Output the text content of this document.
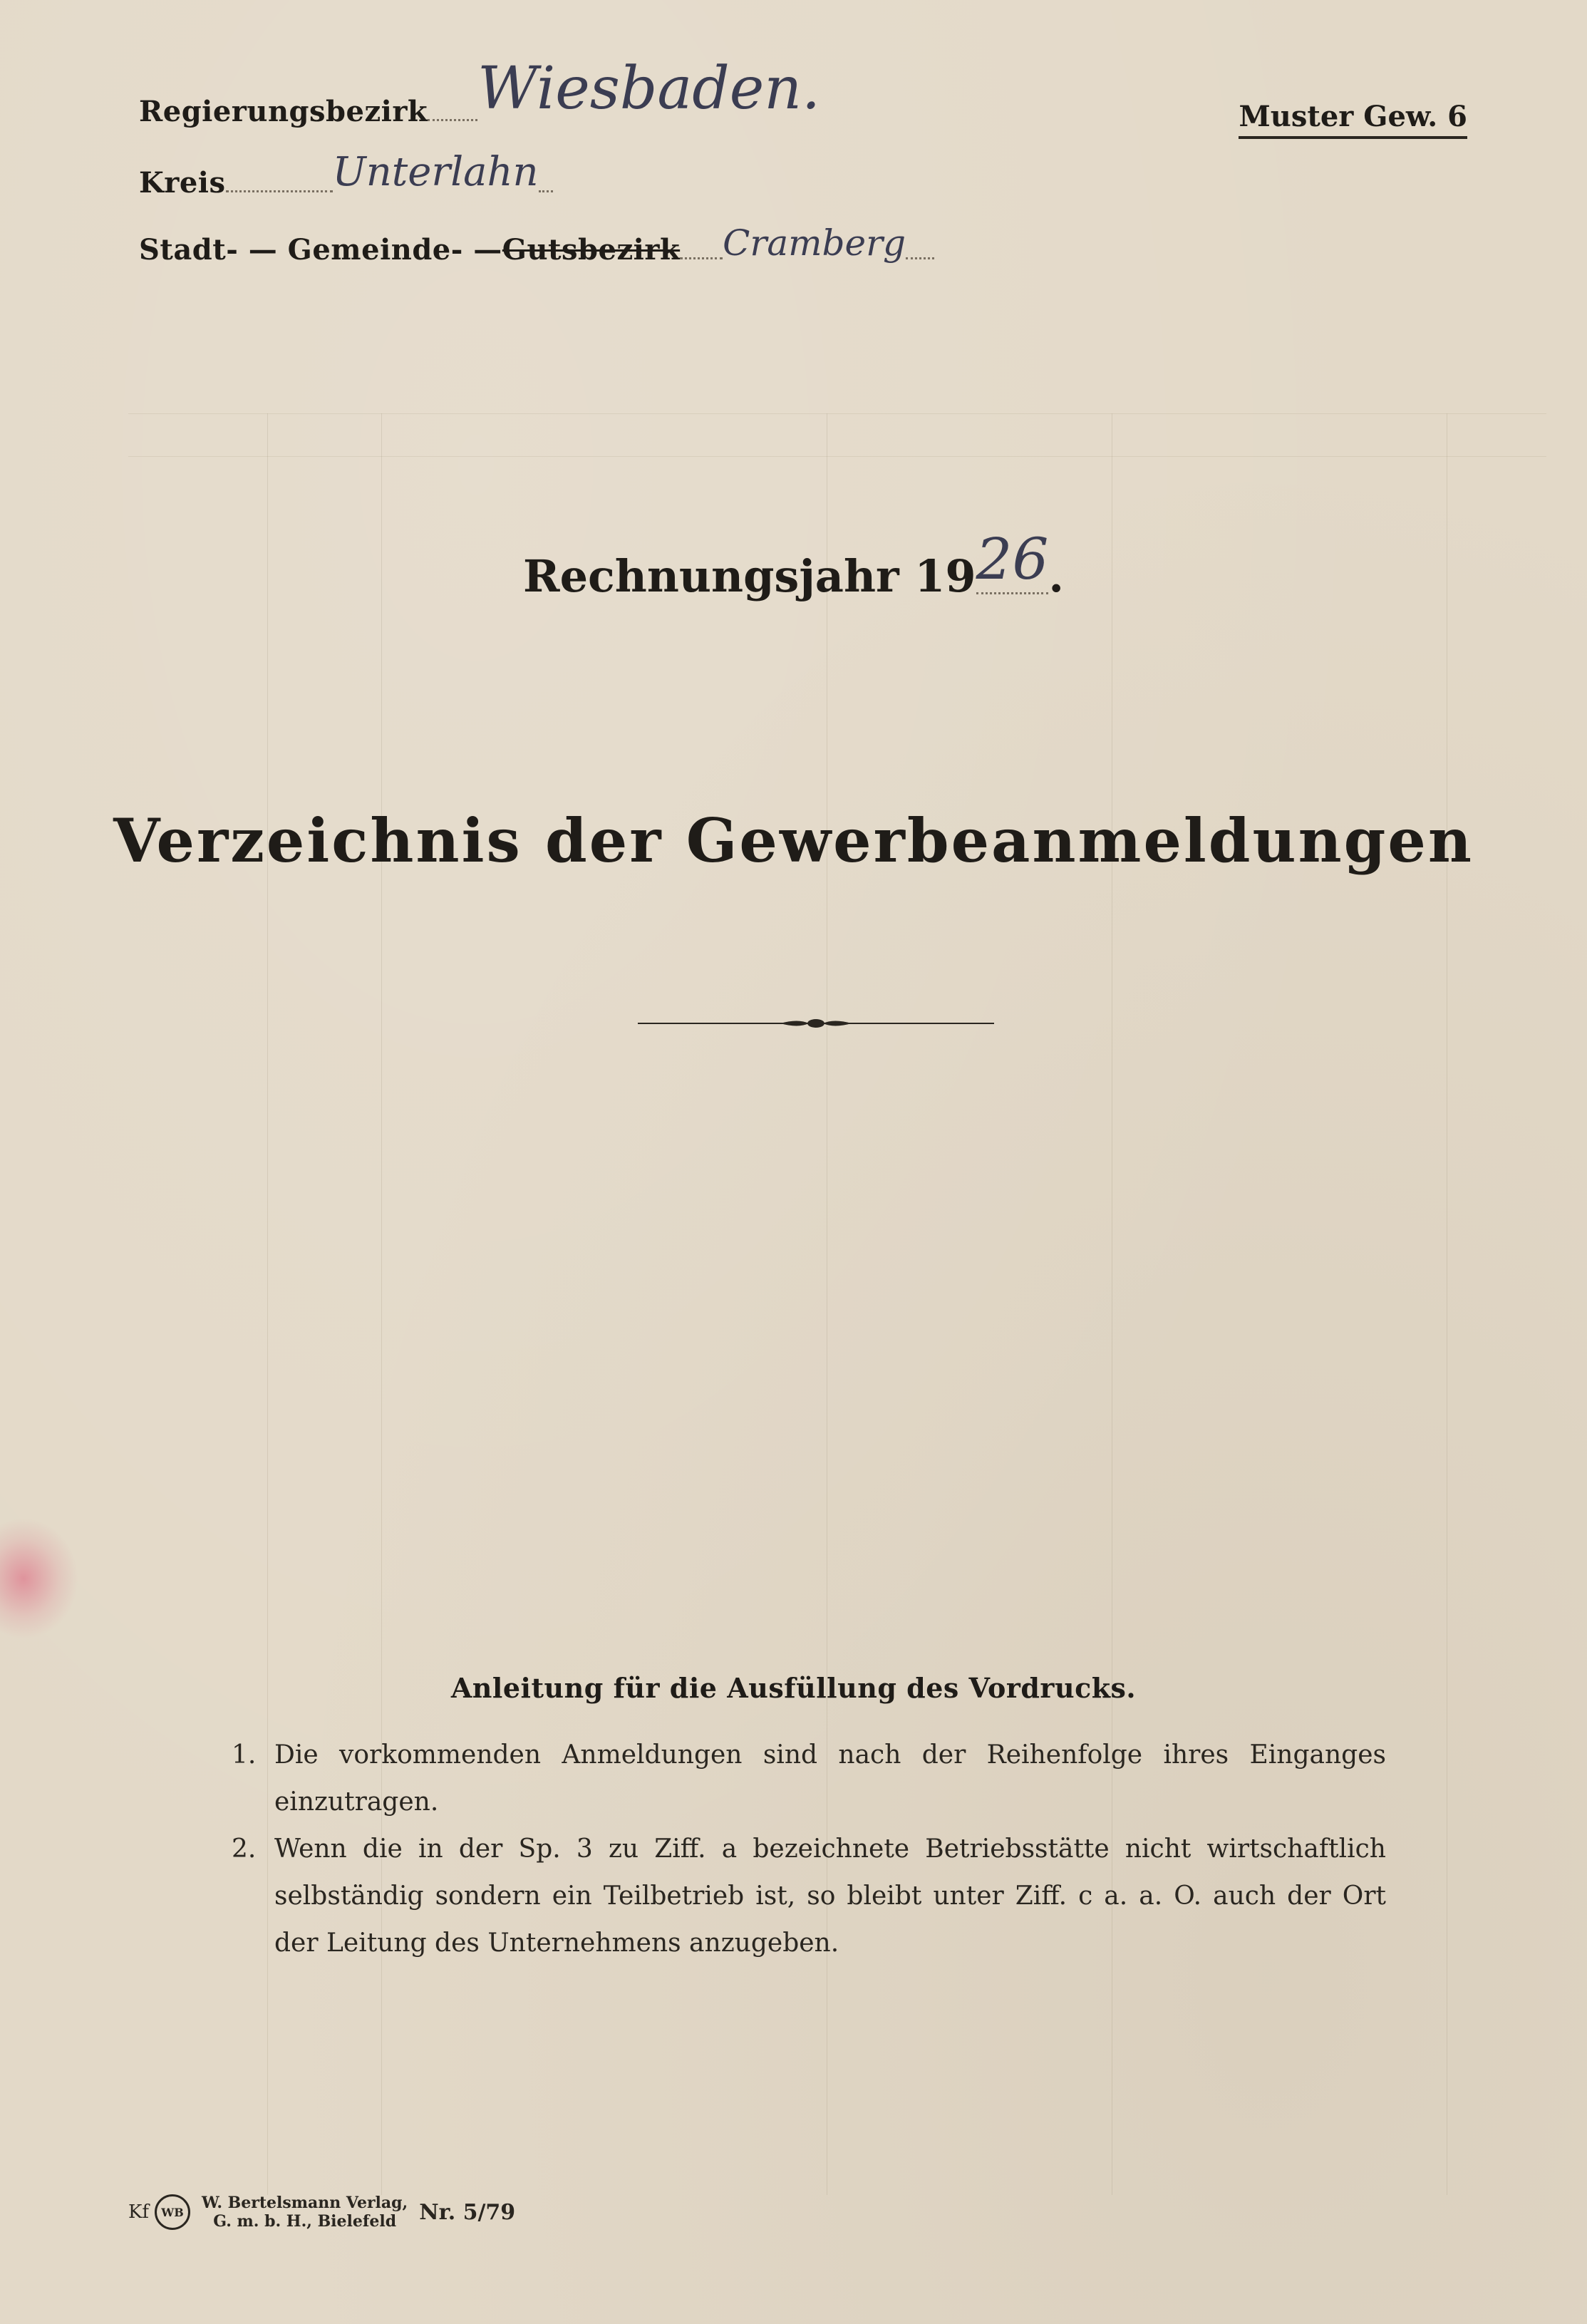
Regierungsbezirk Wiesbaden.
Kreis	Unterlahn
Stadt- — Gemeinde- — Gutsbezirk Cramberg
Muster Gew. 6
Rechnungsjahr 1926.
Verzeichnis der Gewerbeanmeldungen
Anleitung für die Ausfüllung des Vordrucks.
1. Die vorkommenden Anmeldungen sind nach der Reihenfolge ihres Einganges einzutragen.
2. Wenn die in der Sp. 3 zu Ziff. a bezeichnete Betriebsstätte nicht wirtschaftlich selbständig sondern ein Teilbetrieb ist, so bleibt unter Ziff. c a. a. O. auch der Ort der Leitung des Unternehmens anzugeben.
Kf	WB	W. Bertelsmann Verlag,
G. m. b. H., Bielefeld	Nr. 5/79
